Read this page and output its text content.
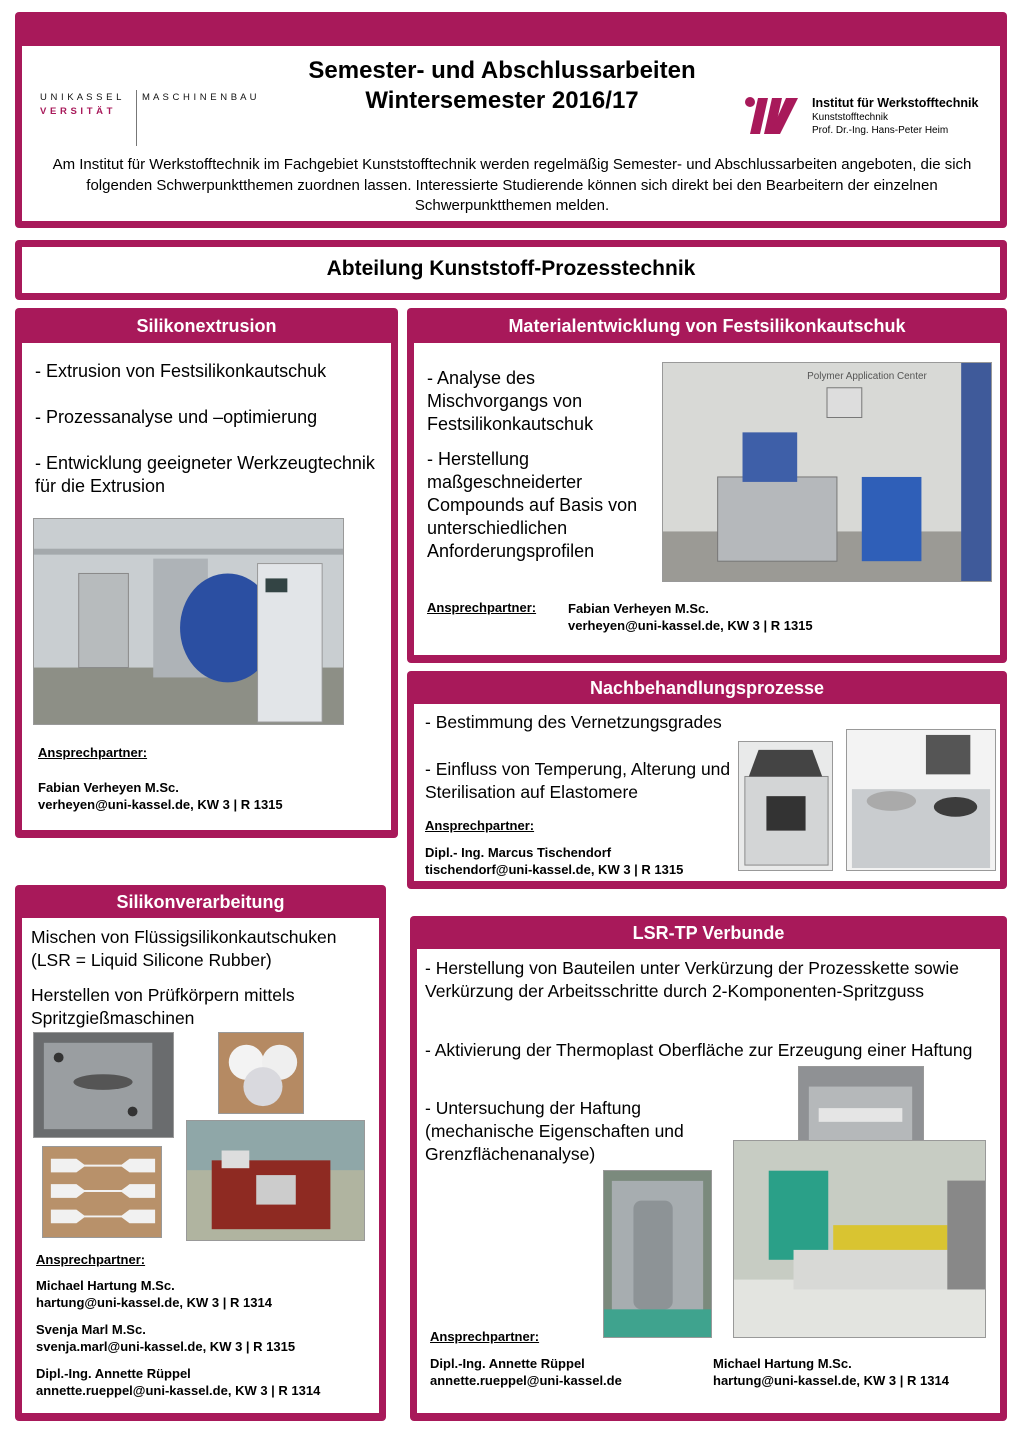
U N I K A S S E L
V E R S I T Ä T
M A S C H I N E N B A U
Semester- und Abschlussarbeiten
Wintersemester 2016/17	Institut für Werkstofftechnik
Kunststofftechnik
Prof. Dr.-Ing. Hans-Peter Heim
Am Institut für Werkstofftechnik im Fachgebiet Kunststofftechnik werden regelmäßig Semester- und Abschlussarbeiten angeboten, die sich folgenden Schwerpunktthemen zuordnen lassen. Interessierte Studierende können sich direkt bei den Bearbeitern der einzelnen Schwerpunktthemen melden.
Abteilung Kunststoff-Prozesstechnik
Silikonextrusion
- Extrusion von Festsilikonkautschuk
- Prozessanalyse und –optimierung
- Entwicklung geeigneter Werkzeugtechnik für die Extrusion
Ansprechpartner:
Fabian Verheyen M.Sc.
verheyen@uni-kassel.de, KW 3 | R 1315
Materialentwicklung von Festsilikonkautschuk
- Analyse des Mischvorgangs von Festsilikonkautschuk
- Herstellung maßgeschneiderter Compounds auf Basis von unterschiedlichen Anforderungsprofilen
Polymer Application Center
Ansprechpartner: Fabian Verheyen M.Sc.
verheyen@uni-kassel.de, KW 3 | R 1315
Nachbehandlungsprozesse
- Bestimmung des Vernetzungsgrades
- Einfluss von Temperung, Alterung und Sterilisation auf Elastomere
Ansprechpartner:
Dipl.- Ing. Marcus Tischendorf
tischendorf@uni-kassel.de, KW 3 | R 1315
Silikonverarbeitung
Mischen von Flüssigsilikonkautschuken (LSR = Liquid Silicone Rubber)
Herstellen von Prüfkörpern mittels Spritzgießmaschinen
Ansprechpartner:
Michael Hartung M.Sc.
hartung@uni-kassel.de, KW 3 | R 1314
Svenja Marl M.Sc.
svenja.marl@uni-kassel.de, KW 3 | R 1315
Dipl.-Ing. Annette Rüppel
annette.rueppel@uni-kassel.de, KW 3 | R 1314
LSR-TP Verbunde
- Herstellung von Bauteilen unter Verkürzung der Prozesskette sowie Verkürzung der Arbeitsschritte durch 2-Komponenten-Spritzguss
- Aktivierung der Thermoplast Oberfläche zur Erzeugung einer Haftung
- Untersuchung der Haftung (mechanische Eigenschaften und Grenzflächenanalyse)
Ansprechpartner:
Dipl.-Ing. Annette Rüppel
annette.rueppel@uni-kassel.de
Michael Hartung M.Sc.
hartung@uni-kassel.de, KW 3 | R 1314
